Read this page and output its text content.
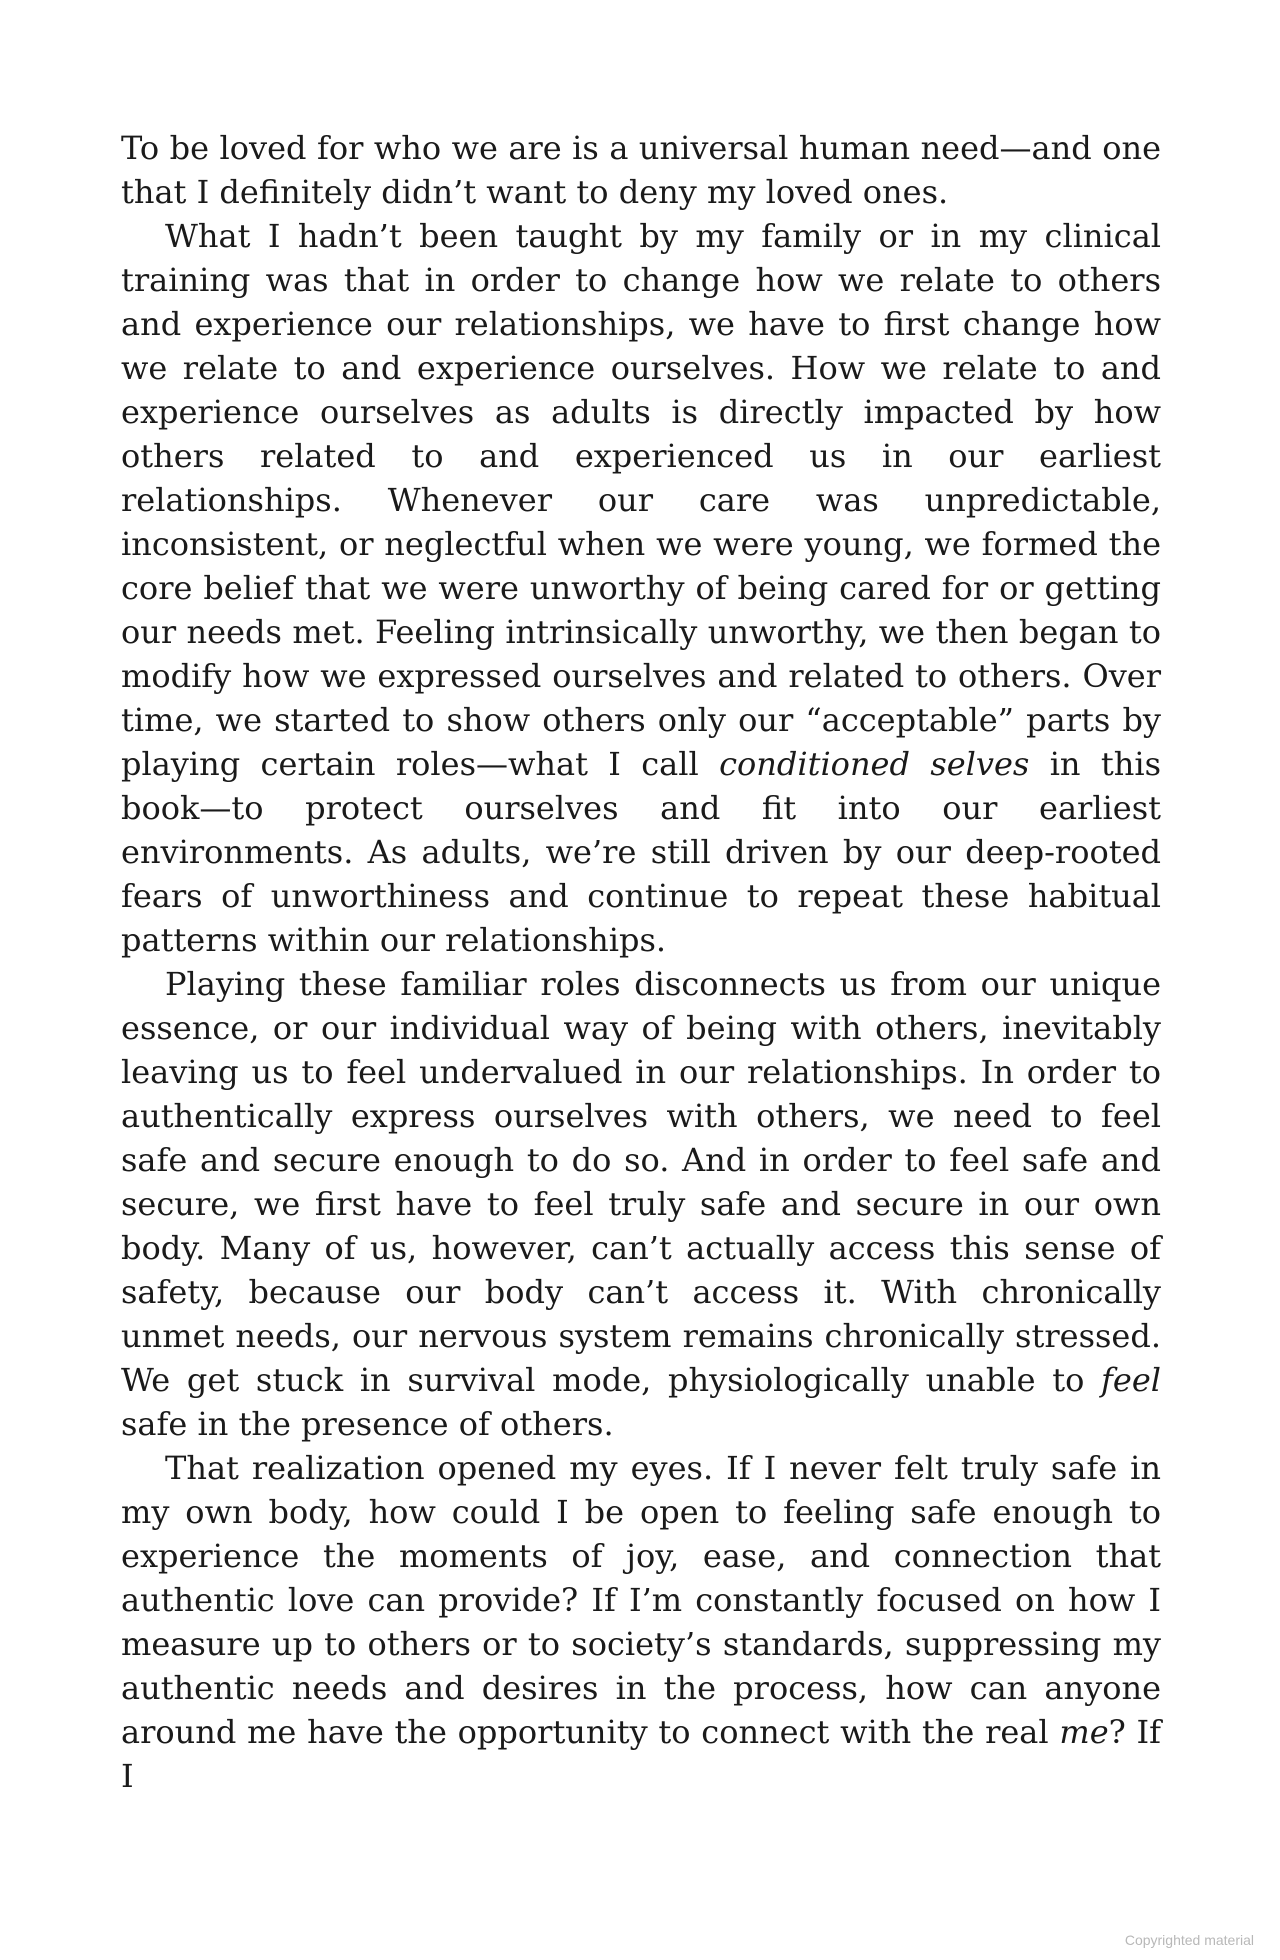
To be loved for who we are is a universal human need—and one that I definitely didn’t want to deny my loved ones.

What I hadn’t been taught by my family or in my clinical training was that in order to change how we relate to others and experience our relationships, we have to first change how we relate to and experience ourselves. How we relate to and experience ourselves as adults is directly impacted by how others related to and experienced us in our earliest relationships. Whenever our care was unpredictable, inconsistent, or neglectful when we were young, we formed the core belief that we were unworthy of being cared for or getting our needs met. Feeling intrinsically unworthy, we then began to modify how we expressed ourselves and related to others. Over time, we started to show others only our “acceptable” parts by playing certain roles—what I call conditioned selves in this book—to protect ourselves and fit into our earliest environments. As adults, we’re still driven by our deep-rooted fears of unworthiness and continue to repeat these habitual patterns within our relationships.

Playing these familiar roles disconnects us from our unique essence, or our individual way of being with others, inevitably leaving us to feel undervalued in our relationships. In order to authentically express ourselves with others, we need to feel safe and secure enough to do so. And in order to feel safe and secure, we first have to feel truly safe and secure in our own body. Many of us, however, can’t actually access this sense of safety, because our body can’t access it. With chronically unmet needs, our nervous system remains chronically stressed. We get stuck in survival mode, physiologically unable to feel safe in the presence of others.

That realization opened my eyes. If I never felt truly safe in my own body, how could I be open to feeling safe enough to experience the moments of joy, ease, and connection that authentic love can provide? If I’m constantly focused on how I measure up to others or to society’s standards, suppressing my authentic needs and desires in the process, how can anyone around me have the opportunity to connect with the real me? If I

Copyrighted material
